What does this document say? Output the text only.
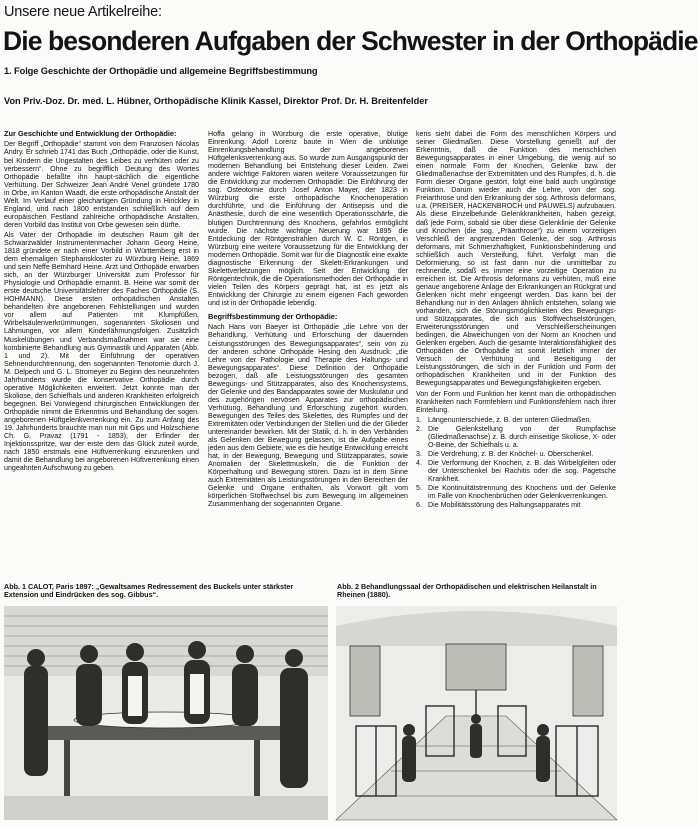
Unsere neue Artikelreihe:
Die besonderen Aufgaben der Schwester in der Orthopädie
1. Folge Geschichte der Orthopädie und allgemeine Begriffsbestimmung
Von Priv.-Doz. Dr. med. L. Hübner, Orthopädische Klinik Kassel, Direktor Prof. Dr. H. Breitenfelder
Zur Geschichte und Entwicklung der Orthopädie:

Der Begriff „Orthopädie“ stammt von dem Franzosen Nicolas Andry. Er schrieb 1741 das Buch „Orthopädie, oder die Kunst, bei Kindern die Ungestalten des Leibes zu verhüten oder zu verbessern“. Ohne zu begrifflich Deutung des Wortes Orthopädie befaßte ihn haupt-sächlich die eigentliche Verhütung. Der Schweizer Jean André Venel gründete 1780 in Orbe, im Kanton Waadt, die erste orthopädische Anstalt der Welt. Im Verlauf einer gleichartigen Gründung in Hinckley in England, und nach 1800 entstanden schließlich auf dem europäischen Festland zahlreiche orthopädische Anstalten, deren Vorbild das Institut von Orbe gewesen sein dürfte.

Als Vater der Orthopädie im deutschen Raum gilt der Schwarzwälder Instrumentenmacher Johann Georg Heine, 1818 gründete er nach einer Vorbild in Württemberg erst in dem ehemaligen Stephanskloster zu Würzburg Heine, 1869 und sein Neffe Bernhard Heine. Arzt und Orthopäde erwarben sich, an der Würzburger Universität zum Professor für Physiologie und Orthopädie ernannt. B. Heine war somit der erste deutsche Universitätslehrer des Faches Orthopädie (S. HOHMANN). Diese ersten orthopädischen Anstalten behandelten ihre angeborenen Fehlstellungen und wurden vor allem auf Patienten mit Klumpfüßen, Wirbelsäulenverkrümmungen, sogenannten Skoliosen und Lähmungen, vor allem Kinderlähmungsfolgen. Zusätzlich Muskelübungen und Verbandsmaßnahmen war sie eine kombinierte Behandlung aus Gymnastik und Apparaten (Abb. 1 und 2). Mit der Einführung der operativen Sehnendurchtrennung, den sogenannten Tenotomie durch J. M. Delpech und G. L. Stromeyer zu Beginn des neunzehnten Jahrhunderts wurde die konservative Orthopädie durch operative Möglichkeiten erweitert. Jetzt konnte man der Skoliose, den Schiefhals und anderen Krankheiten erfolgreich begegnen. Bei Vorwiegend chirurgischen Entwicklungen der Orthopädie nimmt die Erkenntnis und Behandlung der sogen. angeborenen Hüftgelenkverrenkung ein. Zu zum Anfang des 19. Jahrhunderts brauchte man nun mit Gips und Holzschiene Ch. G. Pravaz (1791 - 1853), der Erfinder der Injektionsspritze, war der erste dem das Glück zuteil wurde, nach 1850 erstmals eine Hüftverrenkung einzurenken und damit die Behandlung bei angeborenen Hüftverrenkung einen ungeahnten Aufschwung zu geben.

Hoffa gelang in Würzburg die erste operative, blutige Einrenkung. Adolf Lorenz baute in Wien die unblutige Einrenkungsbehandlung der angeborenen Hüftgelenksverrenkung aus. So wurde zum Ausgangspunkt der modernen Behandlung bei Entstehung dieser Leiden. Zwei andere wichtige Faktoren waren weitere Voraussetzungen für die Entwicklung zur modernen Orthopädie: Die Einführung der sog. Osteotomie durch Josef Anton Mayer, der 1823 in Würzburg die erste orthopädische Knochenoperation durchführte, und die Einführung der Antisepsis und die Anästhesie, durch die eine wesentlich Operationsschärfe, die blutigen Durchtrennung des Knochens, gefahrlos ermöglicht wurde. Die nächste wichtige Neuerung war 1895 die Entdeckung der Röntgenstrahlen durch W. C. Röntgen, in Würzburg eine weitere Voraussetzung für die Entwicklung der modernen Orthopädie. Somit war für die Diagnostik eine exakte diagnostische Erkennung der Skelett-Erkrankungen und Skelettverletzungen möglich. Seit der Entwicklung der Röntgentechnik, die die Operationsmethoden der Orthopädie in vielen Teilen des Körpers geprägt hat, ist es jetzt als Entwicklung der Chirurgie zu einem eigenen Fach geworden und ist in der Orthopädie lebendig.

Begriffsbestimmung der Orthopädie:

Nach Hans von Baeyer ist Orthopädie „die Lehre von der Behandlung, Verhütung und Erforschung der dauernden Leistungsstörungen des Bewegungsapparates“, sein von zu der anderen schöne Orthopäde Hesing den Ausdruck: „die Lehre von der Pathologie und Therapie des Haltungs- und Bewegungsapparates“. Diese Definition der Orthopädie bezogen, daß alle Leistungsstörungen des gesamten Bewegungs- und Stützapparates, also des Knochensystems, der Gelenke und des Bandapparates sowie der Muskulatur und des zugehörigen nervösen Apparates zur orthopädischen Verhütung, Behandlung und Erforschung zugehört wurden. Bewegungen des Teiles des Skelettes, des Rumpfes und der Extremitäten oder Verbindungen der Stellen und die der Glieder untereinander bewirken. Mit der Statik, d. h. in den Verbänden als Gelenken der Bewegung gelassen, ist die Aufgabe eines jeden aus dem Gebiete, wie es die heutige Entwicklung erreicht hat, in der Bewegung, Bewegung und Stützapparates, sowie Anomalien der Skelettmuskeln, die die Funktion der Körperhaltung und Bewegung stören. Dazu ist in dem Sinne auch Extremitäten als Leistungsstörungen in den Bereichen der Gelenke und Organe enthalten, als Vorwort gilt vom körperlichen Stoffwechsel bis zum Bewegung im allgemeinen Zusammenhang der sogenannten Organe.

kens sieht dabei die Form des menschlichen Körpers und seiner Gliedmaßen. Diese Vorstellung genießt auf der Erkenntnis, daß die Funktion des menschlichen Bewegungsapparates in einer Umgebung, die wenig auf so einen normale Form der Knochen, Gelenke bzw. der Gliedmaßenachse der Extremitäten und des Rumpfes, d. h. die Form dieser Organe gestört, folgt eine bald auch ungünstige Funktion. Darum wieder auch die Lehre, von der sog. Freiarthrose und den Erkrankung der sog. Arthrosis deformans, u.a. (PREISER, HACKENBROCH und PAUWELS) aufzubauen. Als diese Einzelbefunde Gelenkkrankheiten, haben gezeigt, daß jede Form, sobald sie über diese Gelenklinie der Gelenke und Knochen (die sog. „Präarthrose“) zu einem vorzeitigen Verschleiß der angrenzenden Gelenke, der sog. Arthrosis deformans, mit Schmerzhaftigkeit, Funktionsbehinderung und schließlich auch Versteifung, führt. Verfolgt man die Deformierung, so ist fast dann nur die unmittelbar zu rechnende, sodaß es immer eine vorzeitige Operation zu erreichen ist. Die Arthrosis deformans zu verhüten, muß eine genaue angeborene Anlage der Erkrankungen an Rückgrat und Gelenken nicht mehr eingeengt werden. Das kann bei der Behandlung nur in den Anlagen ähnlich entstehen, solang wie vorhanden, sich die Störungsmöglichkeiten des Bewegungs- und Stützapparates, die sich aus Stoffwechselstörungen, Erweiterungsstörungen und Verschleißerscheinungen bedingen, die Abweichungen von der Norm an Knochen und Gelenken ergeben. Auch die gesamte Interaktionsfähigkeit des Orthopäden die Orthopädie ist somit letztlich immer der Versuch der Verhütung und Beseitigung der Leistungsstörungen, die sich in der Funktion und Form der orthopädischen Krankheiten und in der Funktion des Bewegungsapparates und Bewegungsfähigkeiten ergeben.

Von der Form und Funktion her kennt man die orthopädischen Krankheiten nach Formfehlern und Funktionsfehlern nach ihrer Einteilung.

1. Längenunterschiede, z. B. der unteren Gliedmaßen.
2. Die Gelenkstellung von der Rumpfachse (Gliedmaßenachse) z. B. durch einseitige Skoliose, X- oder O-Beine, der Schiefhals u. a.
3. Die Verdrehung, z. B. der Knöchel- u. Oberschenkel.
4. Die Verformung der Knochen, z. B. das Wirbelgleiten oder der Unterschenkel bei Rachitis oder die sog. Pagetsche Krankheit.
5. Die Kontinuitätstrennung des Knochens und der Gelenke im Falle von Knochenbrüchen oder Gelenkverrenkungen.
6. Die Mobilitätsstörung des Haltungsapparates mit
Abb. 1 CALOT, Paris 1897: „Gewaltsames Redressement des Buckels unter stärkster Extension und Eindrücken des sog. Gibbus“.
Abb. 2 Behandlungssaal der Orthopädischen und elektrischen Heilanstalt in Rheinen (1880).
